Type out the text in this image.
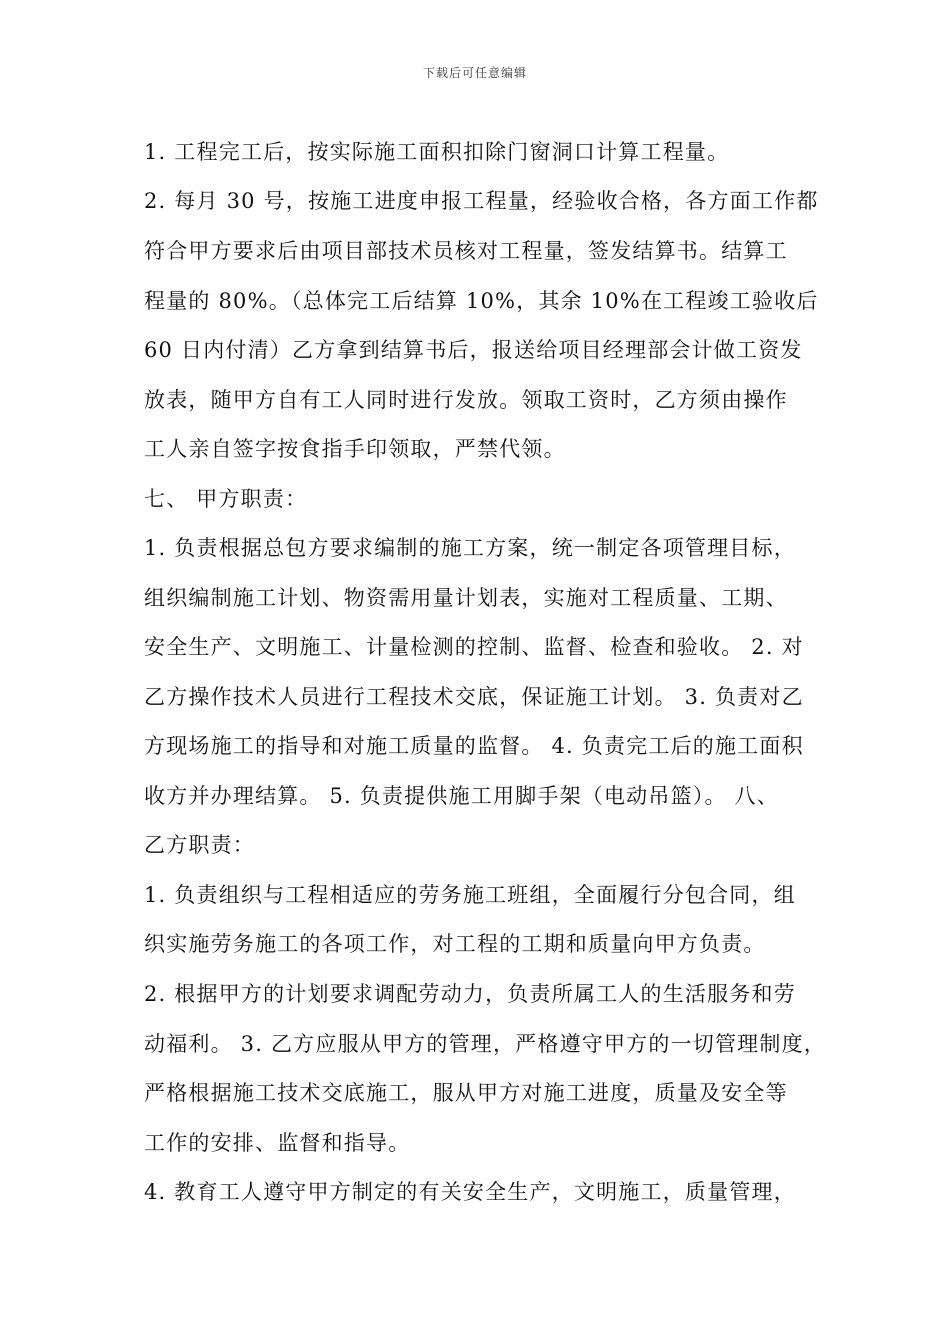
下载后可任意编辑
1. 工程完工后，按实际施工面积扣除门窗洞口计算工程量。
2. 每月 30 号，按施工进度申报工程量，经验收合格，各方面工作都
符合甲方要求后由项目部技术员核对工程量，签发结算书。结算工
程量的 80%。（总体完工后结算 10%，其余 10%在工程竣工验收后
60 日内付清）乙方拿到结算书后，报送给项目经理部会计做工资发
放表，随甲方自有工人同时进行发放。领取工资时，乙方须由操作
工人亲自签字按食指手印领取，严禁代领。
七、 甲方职责：
1. 负责根据总包方要求编制的施工方案，统一制定各项管理目标，
组织编制施工计划、物资需用量计划表，实施对工程质量、工期、
安全生产、文明施工、计量检测的控制、监督、检查和验收。 2. 对
乙方操作技术人员进行工程技术交底，保证施工计划。 3. 负责对乙
方现场施工的指导和对施工质量的监督。 4. 负责完工后的施工面积
收方并办理结算。 5. 负责提供施工用脚手架（电动吊篮）。 八、
乙方职责：
1. 负责组织与工程相适应的劳务施工班组，全面履行分包合同，组
织实施劳务施工的各项工作，对工程的工期和质量向甲方负责。
2. 根据甲方的计划要求调配劳动力，负责所属工人的生活服务和劳
动福利。 3. 乙方应服从甲方的管理，严格遵守甲方的一切管理制度，
严格根据施工技术交底施工，服从甲方对施工进度，质量及安全等
工作的安排、监督和指导。
4. 教育工人遵守甲方制定的有关安全生产，文明施工，质量管理，
